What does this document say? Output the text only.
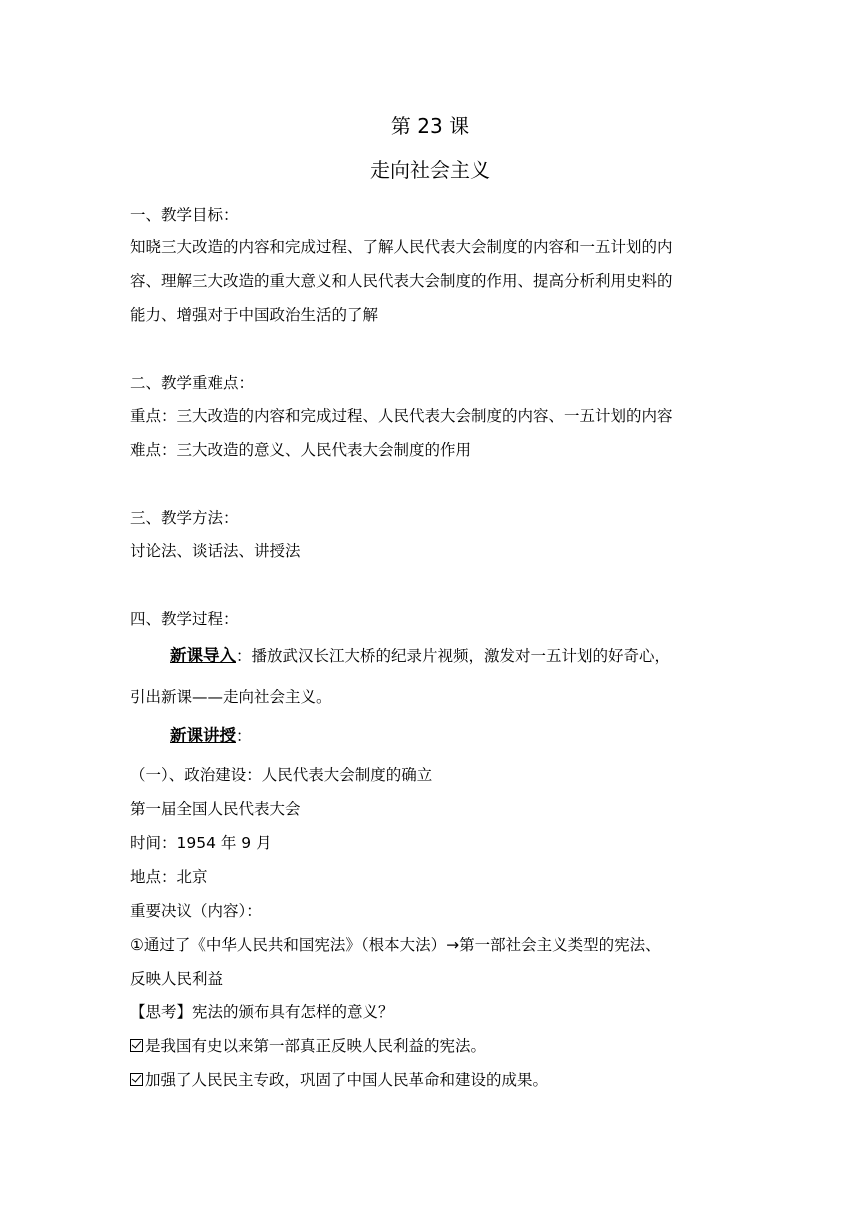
第 23 课
走向社会主义
一、教学目标：
知晓三大改造的内容和完成过程、了解人民代表大会制度的内容和一五计划的内
容、理解三大改造的重大意义和人民代表大会制度的作用、提高分析利用史料的
能力、增强对于中国政治生活的了解
二、教学重难点：
重点：三大改造的内容和完成过程、人民代表大会制度的内容、一五计划的内容
难点：三大改造的意义、人民代表大会制度的作用
三、教学方法：
讨论法、谈话法、讲授法
四、教学过程：
新课导入：播放武汉长江大桥的纪录片视频，激发对一五计划的好奇心，
引出新课——走向社会主义。
新课讲授：
（一）、政治建设：人民代表大会制度的确立
第一届全国人民代表大会
时间：1954 年 9 月
地点：北京
重要决议（内容）：
①通过了《中华人民共和国宪法》（根本大法）→第一部社会主义类型的宪法、
反映人民利益
【思考】宪法的颁布具有怎样的意义？
是我国有史以来第一部真正反映人民利益的宪法。
加强了人民民主专政，巩固了中国人民革命和建设的成果。
